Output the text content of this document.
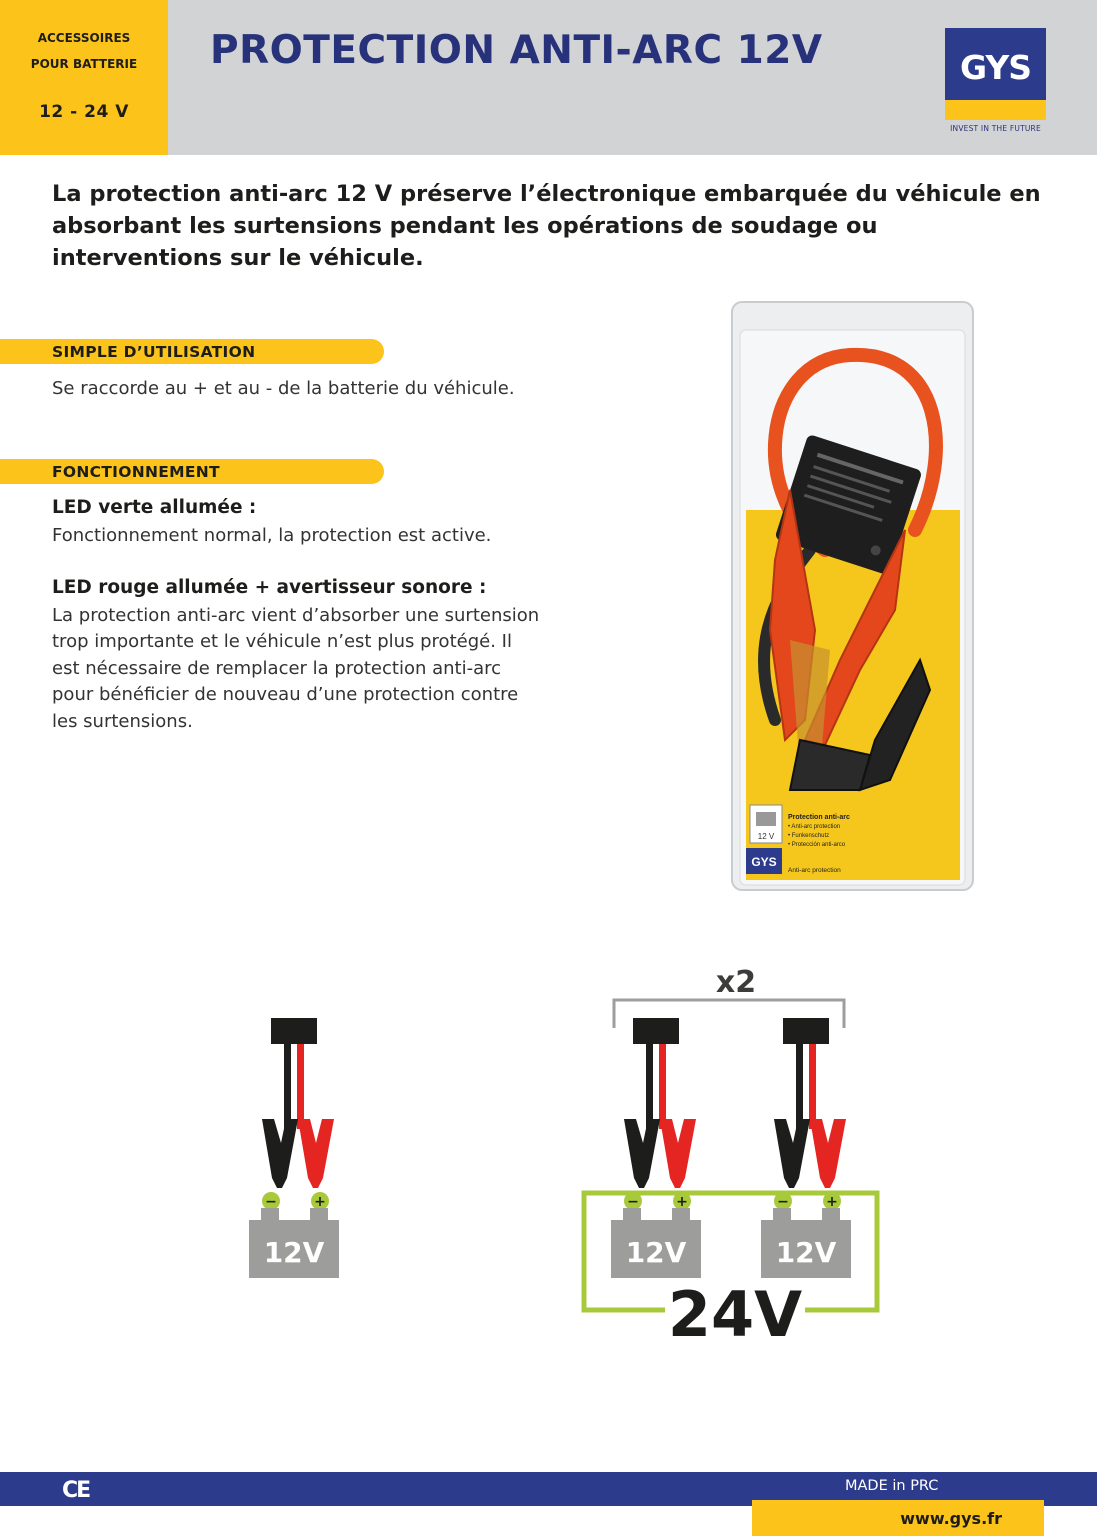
ACCESSOIRES
POUR BATTERIE
12 - 24 V
PROTECTION ANTI-ARC 12V	GYS
INVEST IN THE FUTURE
La protection anti-arc 12 V préserve l’électronique embarquée du véhicule en absorbant les surtensions pendant les opérations de soudage ou interventions sur le véhicule.
SIMPLE D’UTILISATION
Se raccorde au + et au - de la batterie du véhicule.
FONCTIONNEMENT
LED verte allumée :
Fonctionnement normal, la protection est active.
LED rouge allumée + avertisseur sonore :
La protection anti-arc vient d’absorber une surtension
trop importante et le véhicule n’est plus protégé. Il
est nécessaire de remplacer la protection anti-arc
pour bénéficier de nouveau d’une protection contre
les surtensions.
12 V
GYS
Protection anti-arc
• Anti-arc protection
• Funkenschutz
• Protección anti-arco
Anti-arc protection
−	+
12V
x2
−	+
12V
−	+
12V
24V
CE	MADE in PRC
www.gys.fr
